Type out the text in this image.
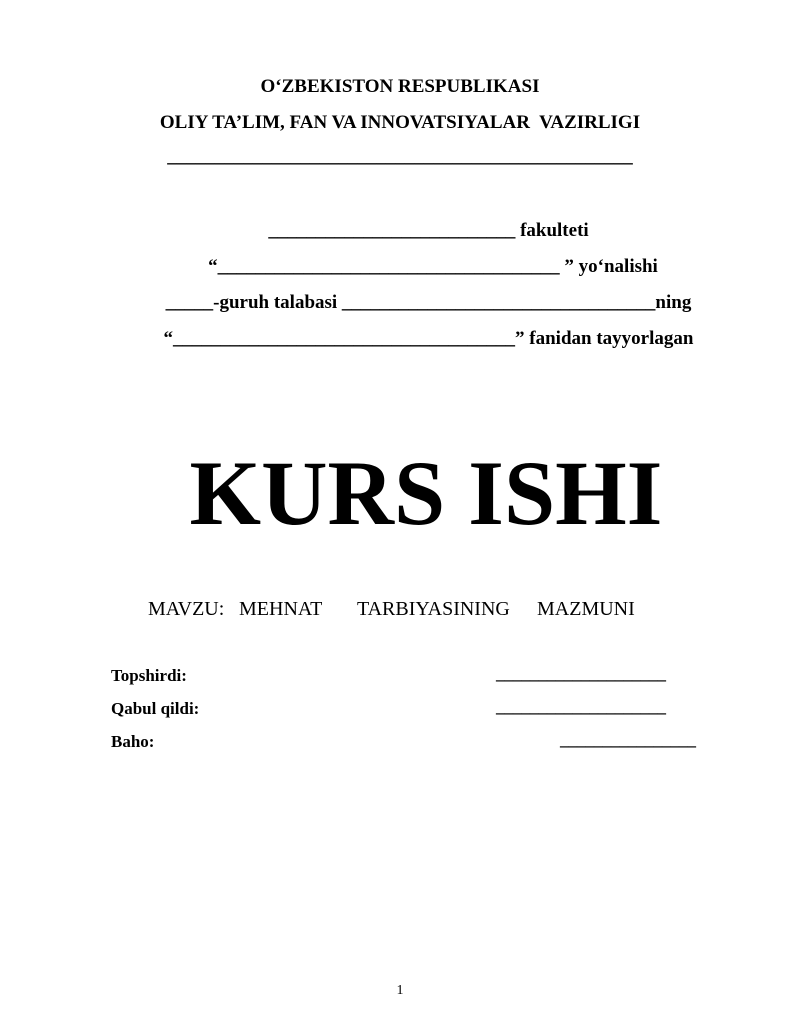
O‘ZBEKISTON RESPUBLIKASI
OLIY TA’LIM, FAN VA INNOVATSIYALAR  VAZIRLIGI
_________________________________________________
__________________________ fakulteti
“____________________________________ ” yo‘nalishi
_____-guruh talabasi _________________________________ning
“____________________________________” fanidan tayyorlagan
KURS ISHI
MAVZU: MEHNAT TARBIYASINING MAZMUNI
Topshirdi:	____________________
Qabul qildi:	____________________
Baho:	________________
1
